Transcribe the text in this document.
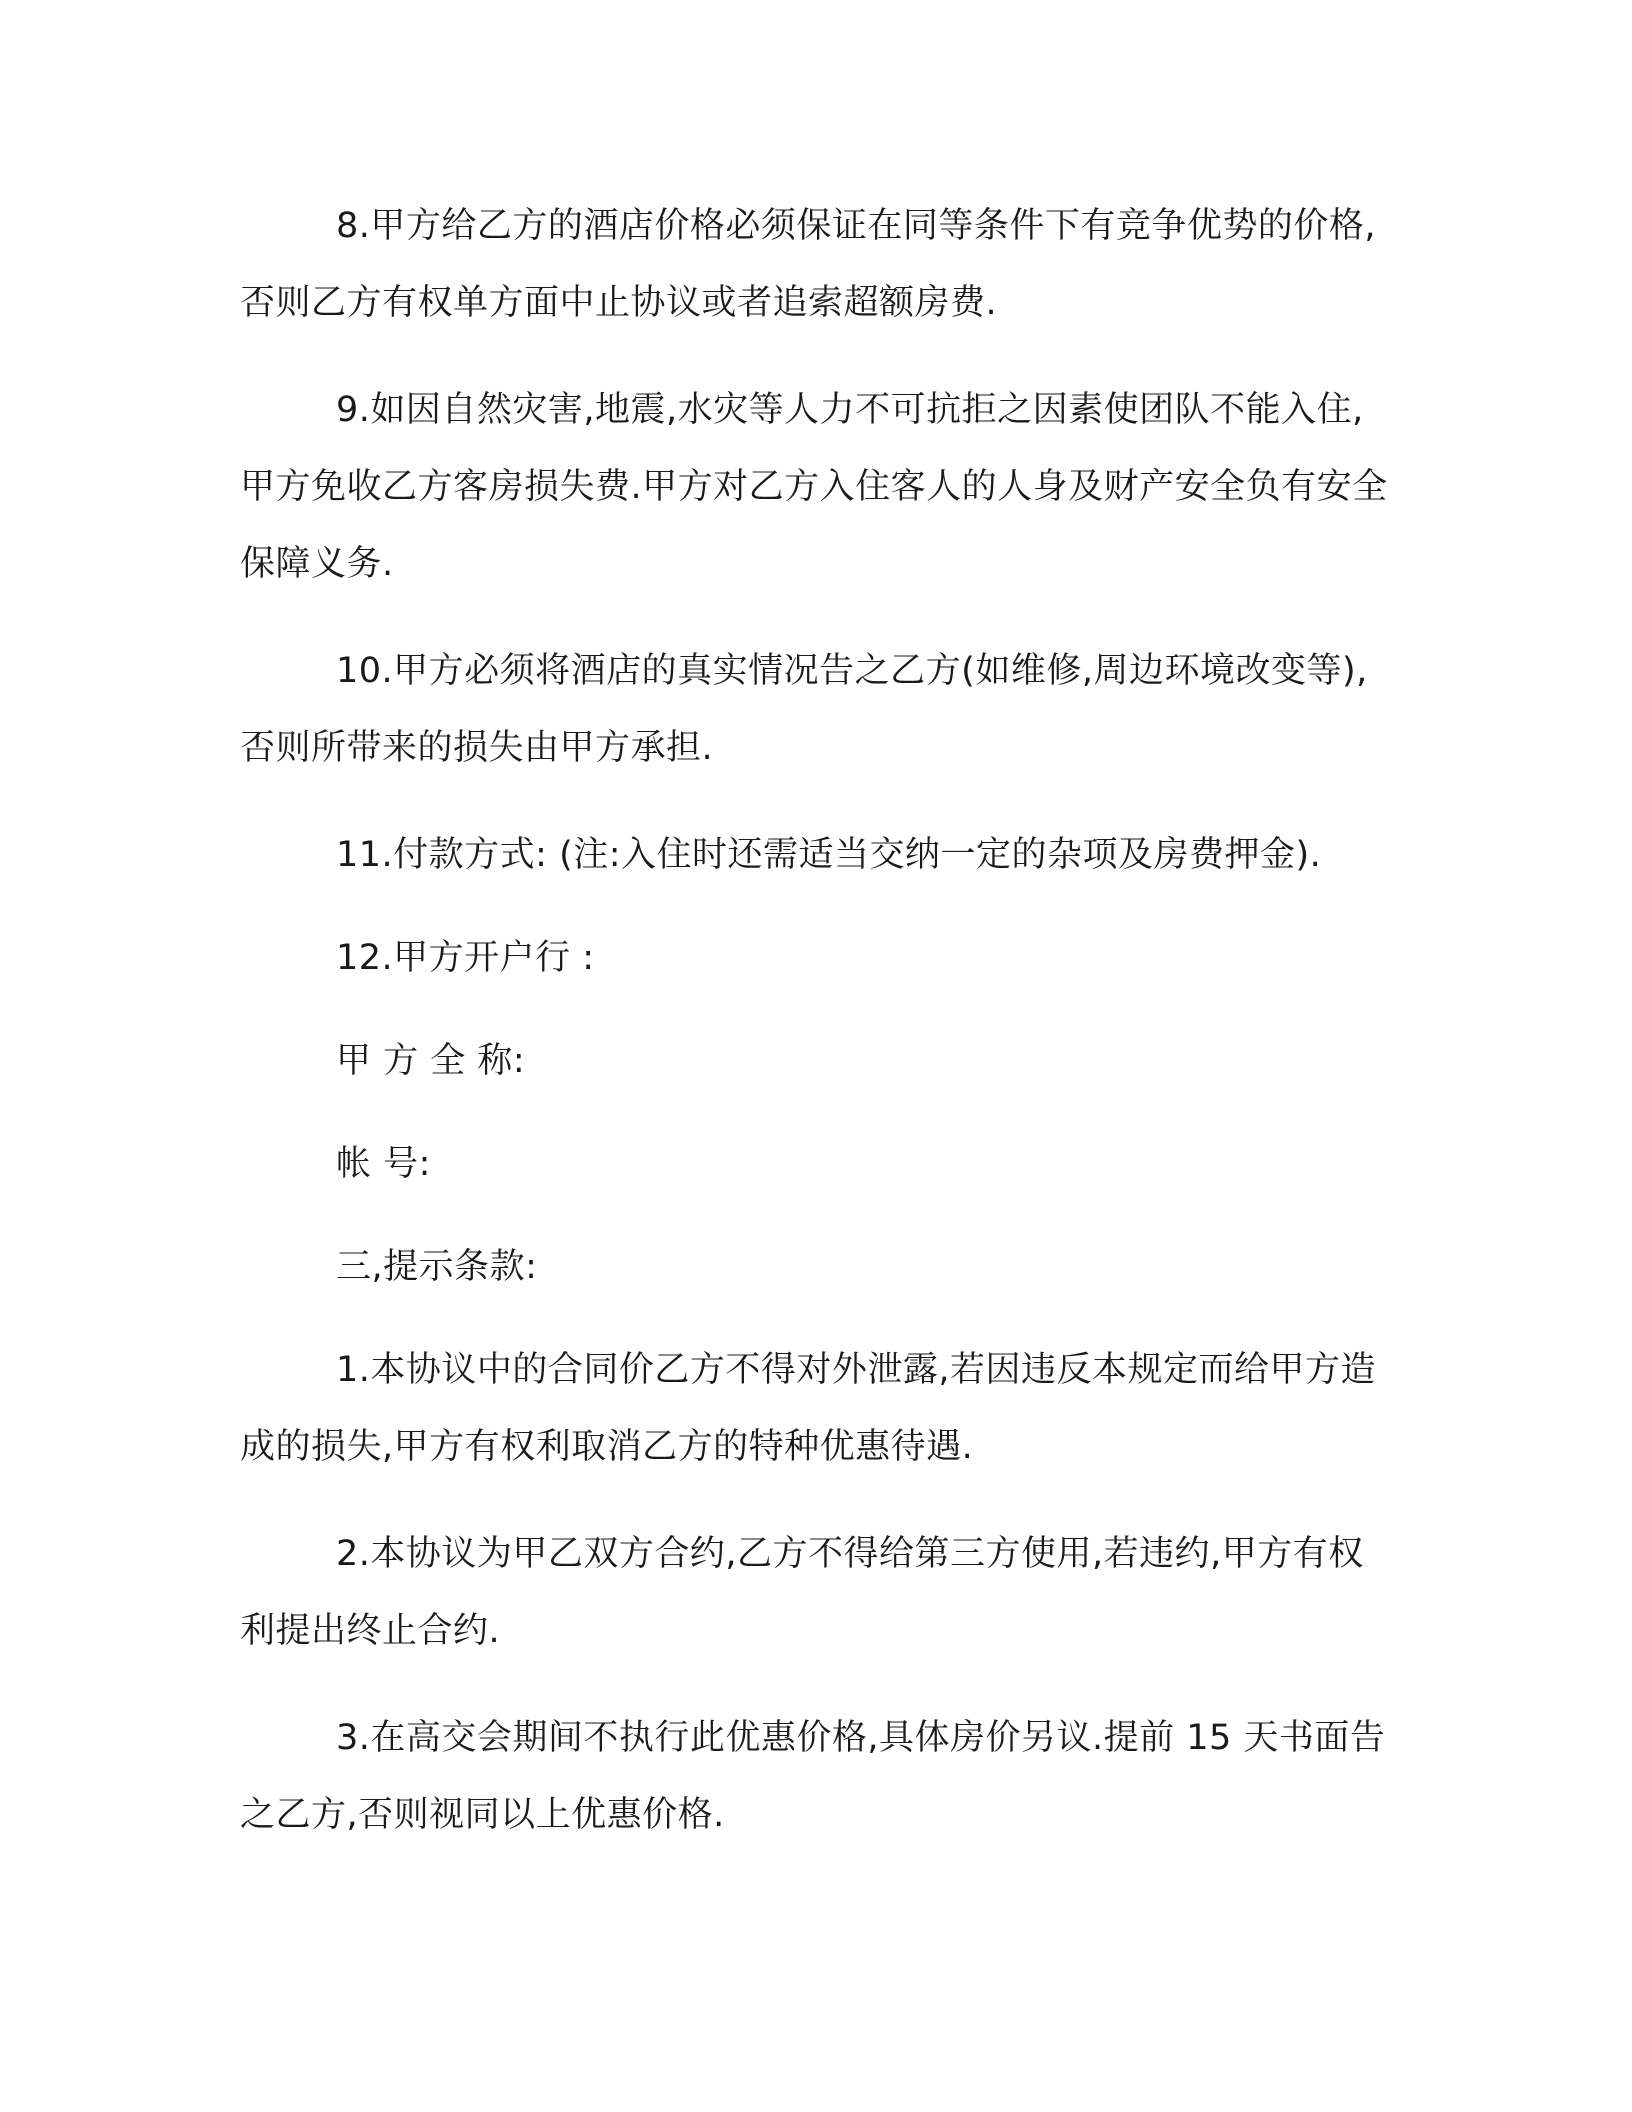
8.甲方给乙方的酒店价格必须保证在同等条件下有竞争优势的价格,否则乙方有权单方面中止协议或者追索超额房费.

9.如因自然灾害,地震,水灾等人力不可抗拒之因素使团队不能入住,甲方免收乙方客房损失费.甲方对乙方入住客人的人身及财产安全负有安全保障义务.

10.甲方必须将酒店的真实情况告之乙方(如维修,周边环境改变等),否则所带来的损失由甲方承担.

11.付款方式: (注:入住时还需适当交纳一定的杂项及房费押金).

12.甲方开户行 :

甲 方 全 称:

帐 号:

三,提示条款:

1.本协议中的合同价乙方不得对外泄露,若因违反本规定而给甲方造成的损失,甲方有权利取消乙方的特种优惠待遇.

2.本协议为甲乙双方合约,乙方不得给第三方使用,若违约,甲方有权利提出终止合约.

3.在高交会期间不执行此优惠价格,具体房价另议.提前 15 天书面告之乙方,否则视同以上优惠价格.
